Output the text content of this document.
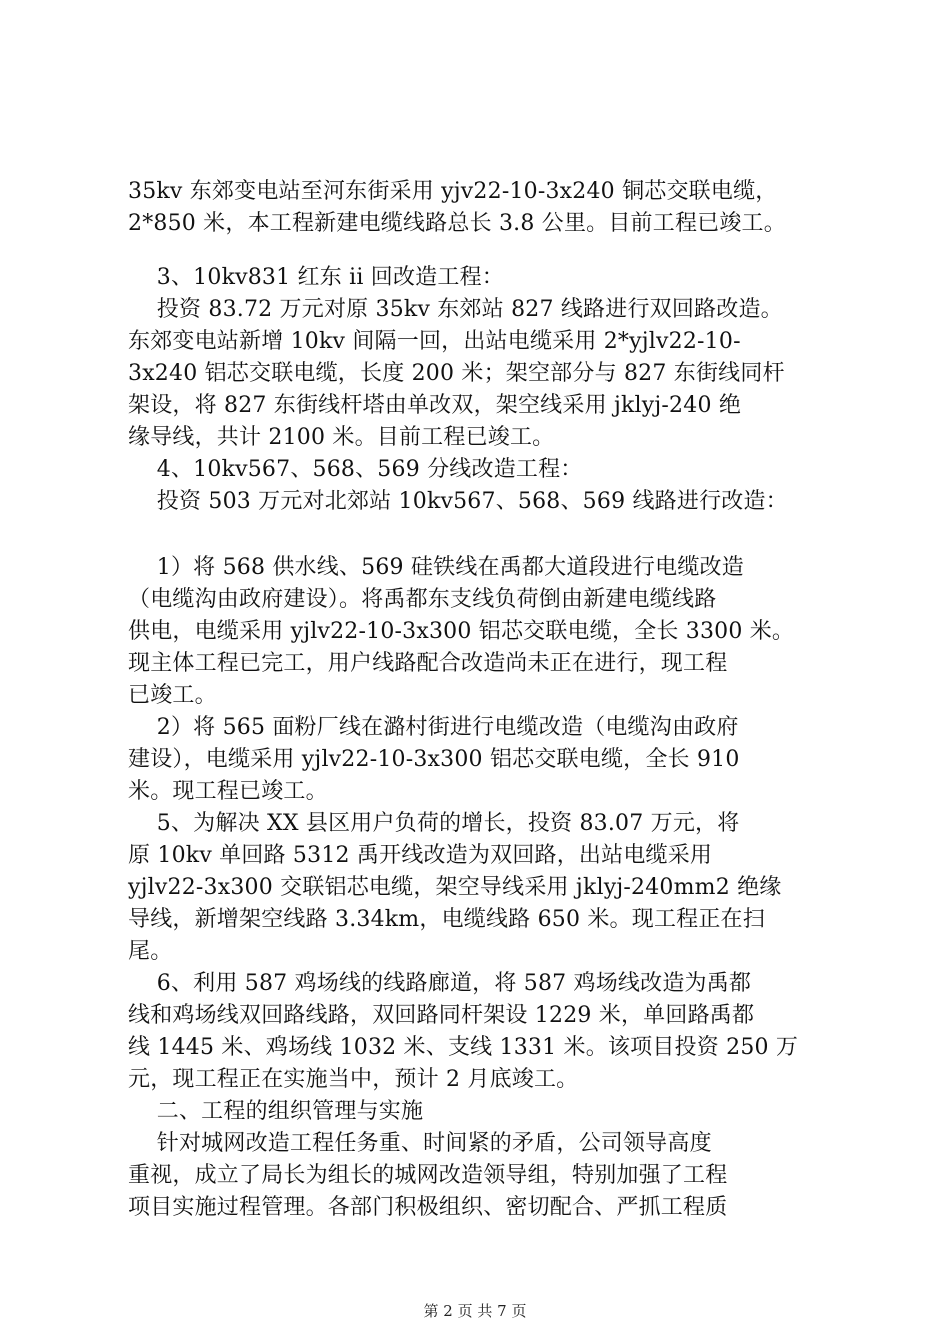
35kv 东郊变电站至河东街采用 yjv22-10-3x240 铜芯交联电缆，
2*850 米，本工程新建电缆线路总长 3.8 公里。目前工程已竣工。
3、10kv831 红东 ii 回改造工程：
投资 83.72 万元对原 35kv 东郊站 827 线路进行双回路改造。
东郊变电站新增 10kv 间隔一回，出站电缆采用 2*yjlv22-10-
3x240 铝芯交联电缆，长度 200 米；架空部分与 827 东街线同杆
架设，将 827 东街线杆塔由单改双，架空线采用 jklyj-240 绝
缘导线，共计 2100 米。目前工程已竣工。
4、10kv567、568、569 分线改造工程：
投资 503 万元对北郊站 10kv567、568、569 线路进行改造：
1）将 568 供水线、569 硅铁线在禹都大道段进行电缆改造
（电缆沟由政府建设）。将禹都东支线负荷倒由新建电缆线路
供电，电缆采用 yjlv22-10-3x300 铝芯交联电缆，全长 3300 米。
现主体工程已完工，用户线路配合改造尚未正在进行，现工程
已竣工。
2）将 565 面粉厂线在潞村街进行电缆改造（电缆沟由政府
建设），电缆采用 yjlv22-10-3x300 铝芯交联电缆，全长 910
米。现工程已竣工。
5、为解决 XX 县区用户负荷的增长，投资 83.07 万元，将
原 10kv 单回路 5312 禹开线改造为双回路，出站电缆采用
yjlv22-3x300 交联铝芯电缆，架空导线采用 jklyj-240mm2 绝缘
导线，新增架空线路 3.34km，电缆线路 650 米。现工程正在扫
尾。
6、利用 587 鸡场线的线路廊道，将 587 鸡场线改造为禹都
线和鸡场线双回路线路，双回路同杆架设 1229 米，单回路禹都
线 1445 米、鸡场线 1032 米、支线 1331 米。该项目投资 250 万
元，现工程正在实施当中，预计 2 月底竣工。
二、工程的组织管理与实施
针对城网改造工程任务重、时间紧的矛盾，公司领导高度
重视，成立了局长为组长的城网改造领导组，特别加强了工程
项目实施过程管理。各部门积极组织、密切配合、严抓工程质
第 2 页 共 7 页
